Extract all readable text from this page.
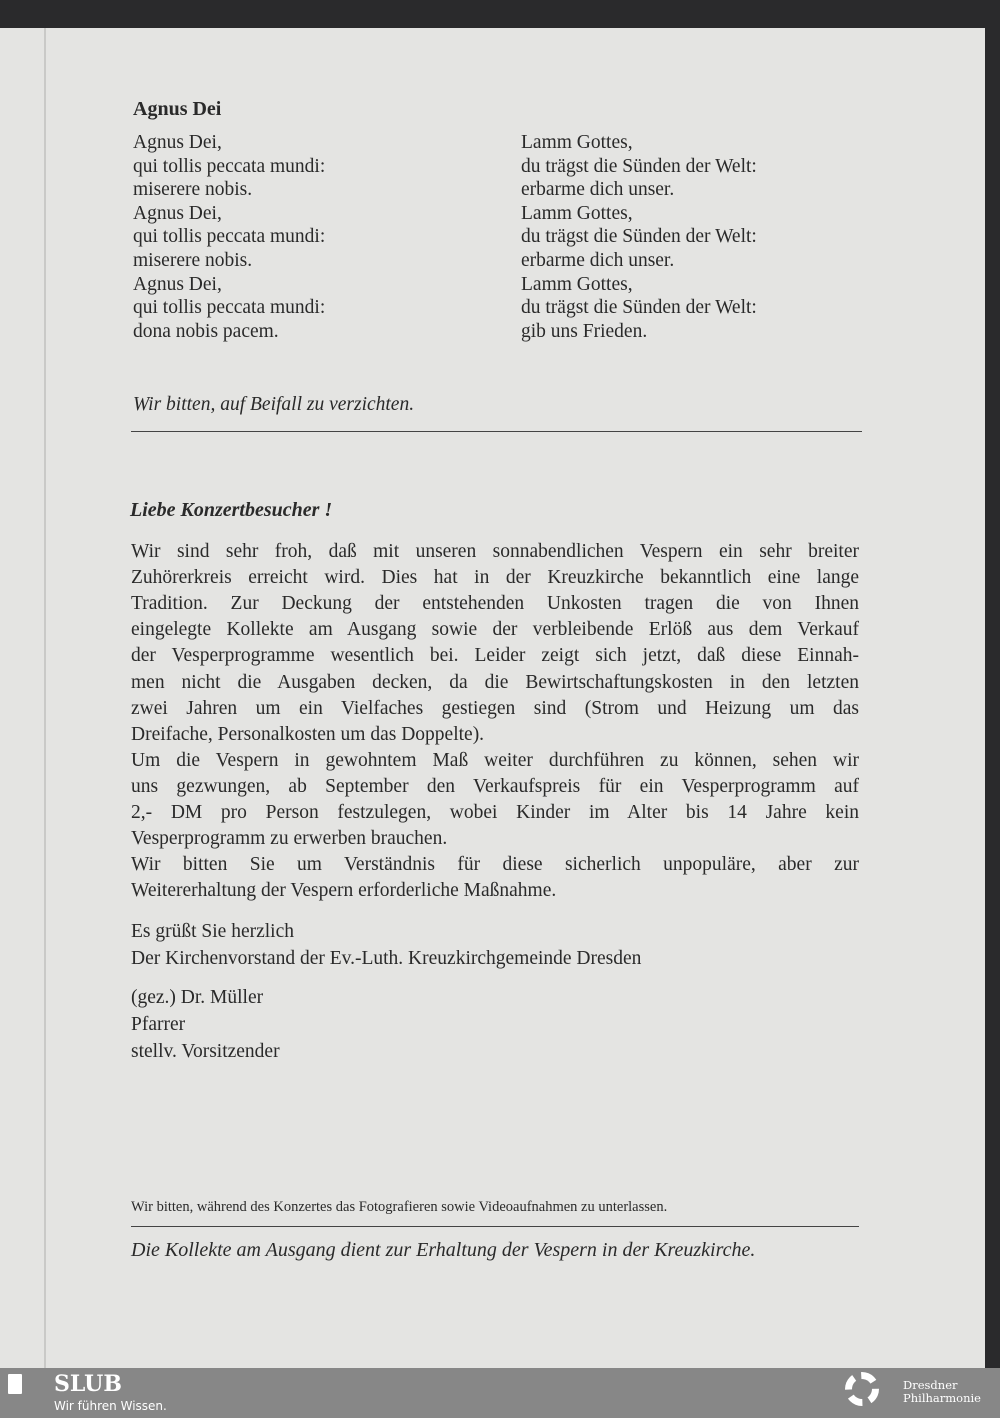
Agnus Dei
Agnus Dei,
qui tollis peccata mundi:
miserere nobis.
Agnus Dei,
qui tollis peccata mundi:
miserere nobis.
Agnus Dei,
qui tollis peccata mundi:
dona nobis pacem.
Lamm Gottes,
du trägst die Sünden der Welt:
erbarme dich unser.
Lamm Gottes,
du trägst die Sünden der Welt:
erbarme dich unser.
Lamm Gottes,
du trägst die Sünden der Welt:
gib uns Frieden.
Wir bitten, auf Beifall zu verzichten.
Liebe Konzertbesucher !
Wir sind sehr froh, daß mit unseren sonnabendlichen Vespern ein sehr breiter
Zuhörerkreis erreicht wird. Dies hat in der Kreuzkirche bekanntlich eine lange
Tradition. Zur Deckung der entstehenden Unkosten tragen die von Ihnen
eingelegte Kollekte am Ausgang sowie der verbleibende Erlöß aus dem Verkauf
der Vesperprogramme wesentlich bei. Leider zeigt sich jetzt, daß diese Einnah-
men nicht die Ausgaben decken, da die Bewirtschaftungskosten in den letzten
zwei Jahren um ein Vielfaches gestiegen sind (Strom und Heizung um das
Dreifache, Personalkosten um das Doppelte).
Um die Vespern in gewohntem Maß weiter durchführen zu können, sehen wir
uns gezwungen, ab September den Verkaufspreis für ein Vesperprogramm auf
2,- DM pro Person festzulegen, wobei Kinder im Alter bis 14 Jahre kein
Vesperprogramm zu erwerben brauchen.
Wir bitten Sie um Verständnis für diese sicherlich unpopuläre, aber zur
Weitererhaltung der Vespern erforderliche Maßnahme.
Es grüßt Sie herzlich
Der Kirchenvorstand der Ev.-Luth. Kreuzkirchgemeinde Dresden
(gez.) Dr. Müller
Pfarrer
stellv. Vorsitzender
Wir bitten, während des Konzertes das Fotografieren sowie Videoaufnahmen zu unterlassen.
Die Kollekte am Ausgang dient zur Erhaltung der Vespern in der Kreuzkirche.
SLUB
Wir führen Wissen.
Dresdner
Philharmonie
